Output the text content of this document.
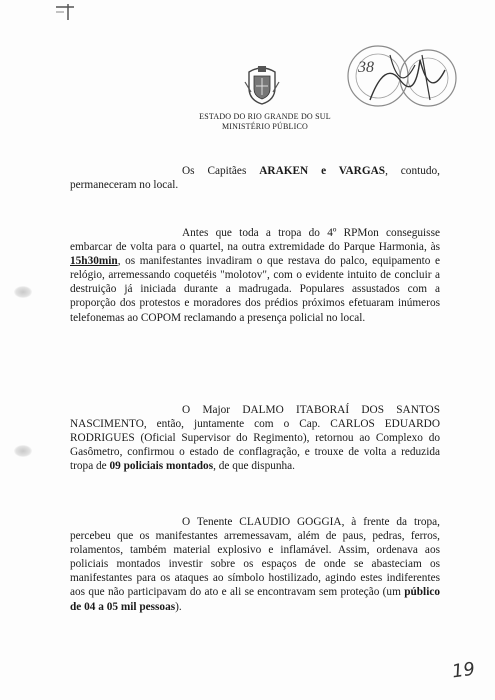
ESTADO DO RIO GRANDE DO SUL
MINISTÉRIO PÚBLICO
38
Os Capitães ARAKEN e VARGAS, contudo, permaneceram no local.
Antes que toda a tropa do 4º RPMon conseguisse embarcar de volta para o quartel, na outra extremidade do Parque Harmonia, às 15h30min, os manifestantes invadiram o que restava do palco, equipamento e relógio, arremessando coquetéis "molotov", com o evidente intuito de concluir a destruição já iniciada durante a madrugada. Populares assustados com a proporção dos protestos e moradores dos prédios próximos efetuaram inúmeros telefonemas ao COPOM reclamando a presença policial no local.
O Major DALMO ITABORAÍ DOS SANTOS NASCIMENTO, então, juntamente com o Cap. CARLOS EDUARDO RODRIGUES (Oficial Supervisor do Regimento), retornou ao Complexo do Gasômetro, confirmou o estado de conflagração, e trouxe de volta a reduzida tropa de 09 policiais montados, de que dispunha.
O Tenente CLAUDIO GOGGIA, à frente da tropa, percebeu que os manifestantes arremessavam, além de paus, pedras, ferros, rolamentos, também material explosivo e inflamável. Assim, ordenava aos policiais montados investir sobre os espaços de onde se abasteciam os manifestantes para os ataques ao símbolo hostilizado, agindo estes indiferentes aos que não participavam do ato e ali se encontravam sem proteção (um público de 04 a 05 mil pessoas).
19
